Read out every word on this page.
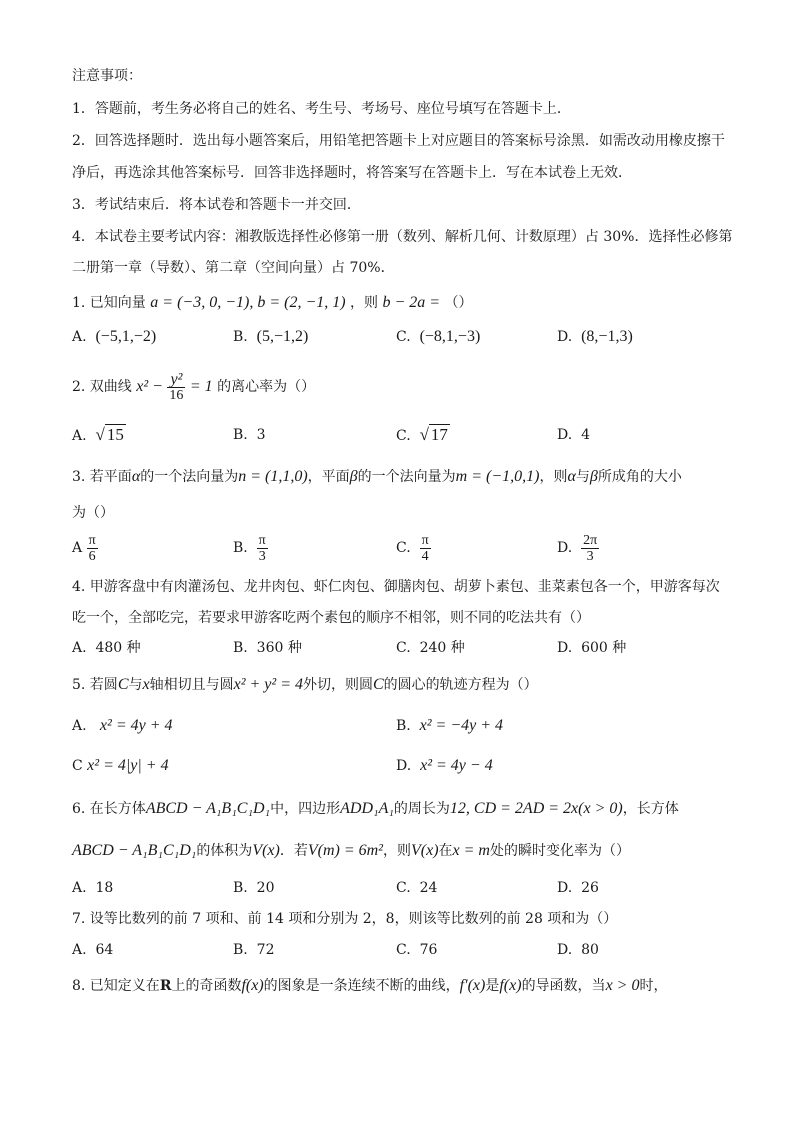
注意事项：
1．答题前，考生务必将自己的姓名、考生号、考场号、座位号填写在答题卡上．
2．回答选择题时．选出每小题答案后，用铅笔把答题卡上对应题目的答案标号涂黑．如需改动用橡皮擦干
净后，再选涂其他答案标号．回答非选择题时，将答案写在答题卡上．写在本试卷上无效．
3．考试结束后．将本试卷和答题卡一并交回．
4．本试卷主要考试内容：湘教版选择性必修第一册（数列、解析几何、计数原理）占 30%．选择性必修第
二册第一章（导数）、第二章（空间向量）占 70%．
1. 已知向量 a = (−3, 0, −1), b = (2, −1, 1) ，则 b − 2a = （）
A. (−5,1,−2)	B. (5,−1,2)	C. (−8,1,−3)	D. (8,−1,3)
2. 双曲线 $x^2 - \frac{\text{y²}}{16} = 1$ 的离心率为（）
A. √ 15	B. 3	C. √ 17	D. 4
3. 若平面α的一个法向量为n = (1,1,0)，平面β的一个法向量为m = (−1,0,1)，则α与β所成角的大小
为（）
A $\frac{\pi}{6}$	B. $\frac{\pi}{3}$	C. $\frac{\pi}{4}$	D. $\frac{2\pi}{3}$
4. 甲游客盘中有肉灌汤包、龙井肉包、虾仁肉包、御膳肉包、胡萝卜素包、韭菜素包各一个，甲游客每次
吃一个，全部吃完，若要求甲游客吃两个素包的顺序不相邻，则不同的吃法共有（）
A. 480 种	B. 360 种	C. 240 种	D. 600 种
5. 若圆C与x轴相切且与圆x² + y² = 4外切，则圆C的圆心的轨迹方程为（）
A. x² = 4y + 4	B. x² = −4y + 4
C x² = 4|y| + 4	D. x² = 4y − 4
6. 在长方体ABCD − A₁B₁C₁D₁中，四边形ADD₁A₁的周长为12, CD = 2AD = 2x(x > 0)，长方体
ABCD − A₁B₁C₁D₁的体积为V(x)．若V(m) = 6m²，则V(x)在x = m处的瞬时变化率为（）
A. 18	B. 20	C. 24	D. 26
7. 设等比数列的前 7 项和、前 14 项和分别为 2，8，则该等比数列的前 28 项和为（）
A. 64	B. 72	C. 76	D. 80
8. 已知定义在R上的奇函数f(x)的图象是一条连续不断的曲线，f′(x)是f(x)的导函数，当x > 0时，
